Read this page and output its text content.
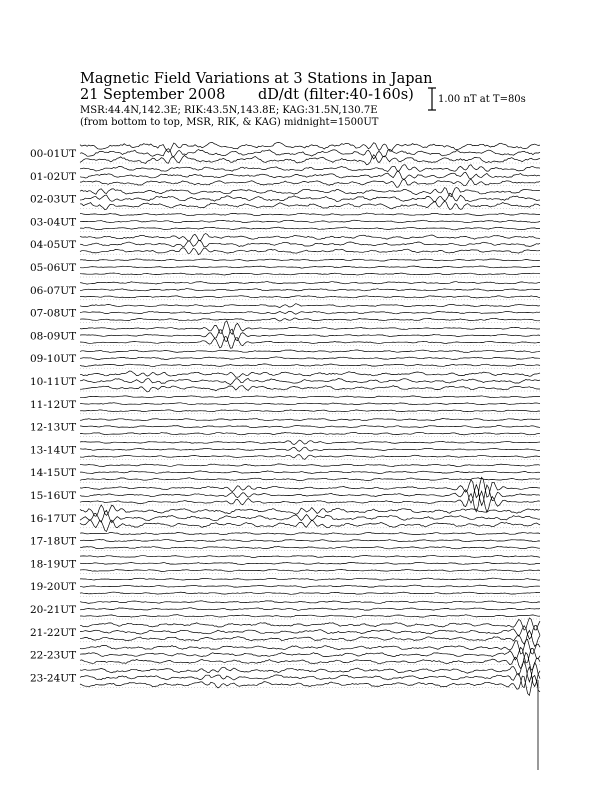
Magnetic Field Variations at 3 Stations in Japan
21 September 2008 dD/dt (filter:40-160s)
MSR:44.4N,142.3E; RIK:43.5N,143.8E; KAG:31.5N,130.7E
(from bottom to top, MSR, RIK, & KAG) midnight=1500UT
1.00 nT at T=80s
00-01UT
01-02UT
02-03UT
03-04UT
04-05UT
05-06UT
06-07UT
07-08UT
08-09UT
09-10UT
10-11UT
11-12UT
12-13UT
13-14UT
14-15UT
15-16UT
16-17UT
17-18UT
18-19UT
19-20UT
20-21UT
21-22UT
22-23UT
23-24UT
